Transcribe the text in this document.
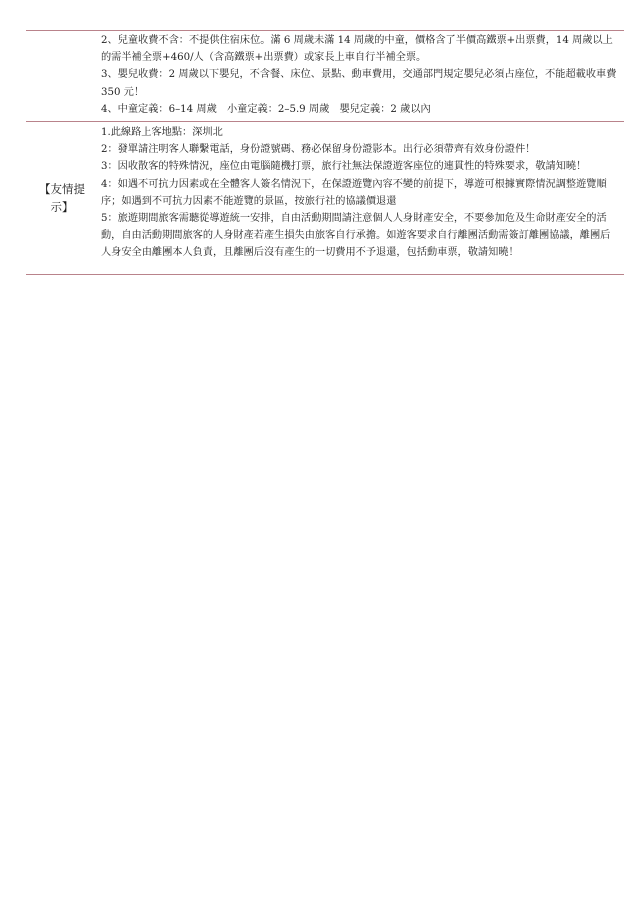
2、兒童收費不含：不提供住宿床位。滿 6 周歲未滿 14 周歲的中童，價格含了半價高鐵票+出票費，14 周歲以上的需半補全票+460/人（含高鐵票+出票費）或家長上車自行半補全票。

3、嬰兒收費：2 周歲以下嬰兒，不含餐、床位、景點、動車費用，交通部門規定嬰兒必須占座位，不能超載收車費 350 元！

4、中童定義：6–14 周歲　小童定義：2–5.9 周歲　嬰兒定義：2 歲以內

【友情提示】

1.此線路上客地點：深圳北

2：發單請注明客人聯繫電話，身份證號碼、務必保留身份證影本。出行必須帶齊有效身份證件！

3：因收散客的特殊情況，座位由電腦隨機打票，旅行社無法保證遊客座位的連貫性的特殊要求，敬請知曉！

4：如遇不可抗力因素或在全體客人簽名情況下，在保證遊覽內容不變的前提下，導遊可根據實際情況調整遊覽順序；如遇到不可抗力因素不能遊覽的景區，按旅行社的協議價退還

5：旅遊期間旅客需聽從導遊統一安排，自由活動期間請注意個人人身財產安全，不要參加危及生命財產安全的活動，自由活動期間旅客的人身財產若產生損失由旅客自行承擔。如遊客要求自行離團活動需簽訂離團協議，離團后人身安全由離團本人負責，且離團后沒有產生的一切費用不予退還，包括動車票，敬請知曉！
